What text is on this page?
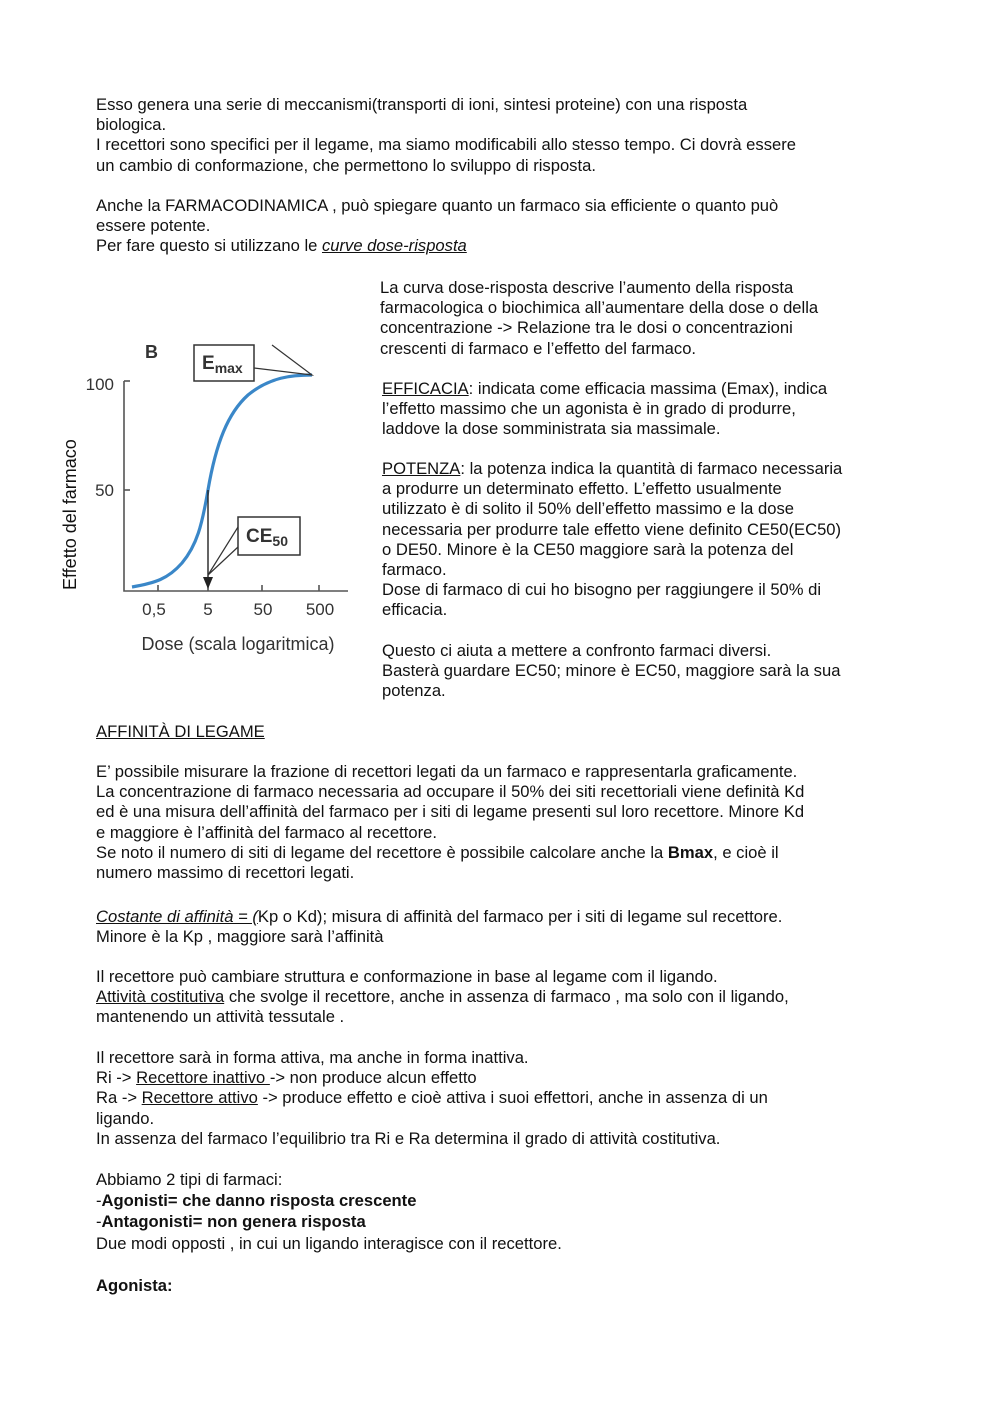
Esso genera una serie di meccanismi(transporti di ioni, sintesi proteine) con una risposta
biologica.
I recettori sono specifici per il legame, ma siamo modificabili allo stesso tempo. Ci dovrà essere
un cambio di conformazione, che permettono lo sviluppo di risposta.
Anche la FARMACODINAMICA , può spiegare quanto un farmaco sia efficiente o quanto può
essere potente.
Per fare questo si utilizzano le curve dose-risposta
Effetto del farmaco
B
100
50
0,5 5 50 500
Dose (scala logaritmica)
$E_{max}$
$CE_{50}$
La curva dose-risposta descrive l’aumento della risposta
farmacologica o biochimica all’aumentare della dose o della
concentrazione -> Relazione tra le dosi o concentrazioni
crescenti di farmaco e l’effetto del farmaco.
EFFICACIA: indicata come efficacia massima (Emax), indica
l’effetto massimo che un agonista è in grado di produrre,
laddove la dose somministrata sia massimale.
POTENZA: la potenza indica la quantità di farmaco necessaria
a produrre un determinato effetto. L’effetto usualmente
utilizzato è di solito il 50% dell’effetto massimo e la dose
necessaria per produrre tale effetto viene definito CE50(EC50)
o DE50. Minore è la CE50 maggiore sarà la potenza del
farmaco.
Dose di farmaco di cui ho bisogno per raggiungere il 50% di
efficacia.
Questo ci aiuta a mettere a confronto farmaci diversi.
Basterà guardare EC50; minore è EC50, maggiore sarà la sua
potenza.
AFFINITÀ DI LEGAME
E’ possibile misurare la frazione di recettori legati da un farmaco e rappresentarla graficamente.
La concentrazione di farmaco necessaria ad occupare il 50% dei siti recettoriali viene definità Kd
ed è una misura dell’affinità del farmaco per i siti di legame presenti sul loro recettore. Minore Kd
e maggiore è l’affinità del farmaco al recettore.
Se noto il numero di siti di legame del recettore è possibile calcolare anche la Bmax, e cioè il
numero massimo di recettori legati.
Costante di affinità = (Kp o Kd); misura di affinità del farmaco per i siti di legame sul recettore.
Minore è la Kp , maggiore sarà l’affinità
Il recettore può cambiare struttura e conformazione in base al legame com il ligando.
Attività costitutiva che svolge il recettore, anche in assenza di farmaco , ma solo con il ligando,
mantenendo un attività tessutale .
Il recettore sarà in forma attiva, ma anche in forma inattiva.
Ri -> Recettore inattivo -> non produce alcun effetto
Ra -> Recettore attivo -> produce effetto e cioè attiva i suoi effettori, anche in assenza di un
ligando.
In assenza del farmaco l’equilibrio tra Ri e Ra determina il grado di attività costitutiva.
Abbiamo 2 tipi di farmaci:
-Agonisti= che danno risposta crescente
-Antagonisti= non genera risposta
Due modi opposti , in cui un ligando interagisce con il recettore.
Agonista:
